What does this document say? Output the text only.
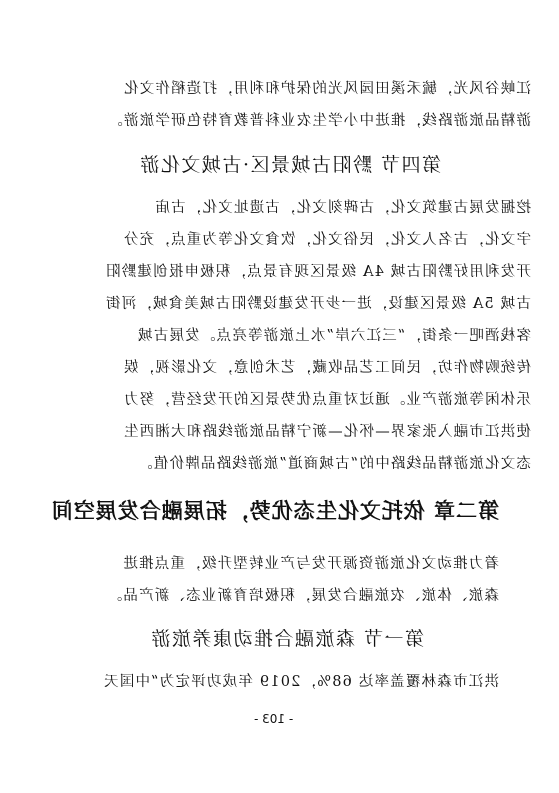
江峡谷风光，毓禾溪田园风光的保护和利用，打造稻作文化
游精品旅游路线，推进中小学生农业科普教育特色研学旅游。
第四节 黔阳古城景区·古城文化游
挖掘发展古建筑文化，古碑刻文化，古遗址文化，古庙
宇文化，古名人文化，民俗文化，饮食文化等为重点，充分
开发利用好黔阳古城 4A 级景区现有景点，积极申报创建黔阳
古城 5A 级景区建设，进一步开发建设黔阳古城美食城，河街
客栈酒吧一条街，“三江六岸”水上旅游等亮点。发展古城
传统购物作坊，民间工艺品收藏，艺术创意，文化影视，娱
乐休闲等旅游产业。通过对重点优势景区的开发经营，努力
使洪江市融入张家界—怀化—新宁精品旅游线路和大湘西生
态文化旅游精品线路中的“古城商道”旅游线路品牌价值。
第二章 依托文化生态优势，拓展融合发展空间
着力推动文化旅游资源开发与产业转型升级，重点推进
森旅、体旅、农旅融合发展，积极培育新业态、新产品。
第一节 森旅融合推动康养旅游
洪江市森林覆盖率达 68%，2019 年成功评定为“中国天
- 103 -
